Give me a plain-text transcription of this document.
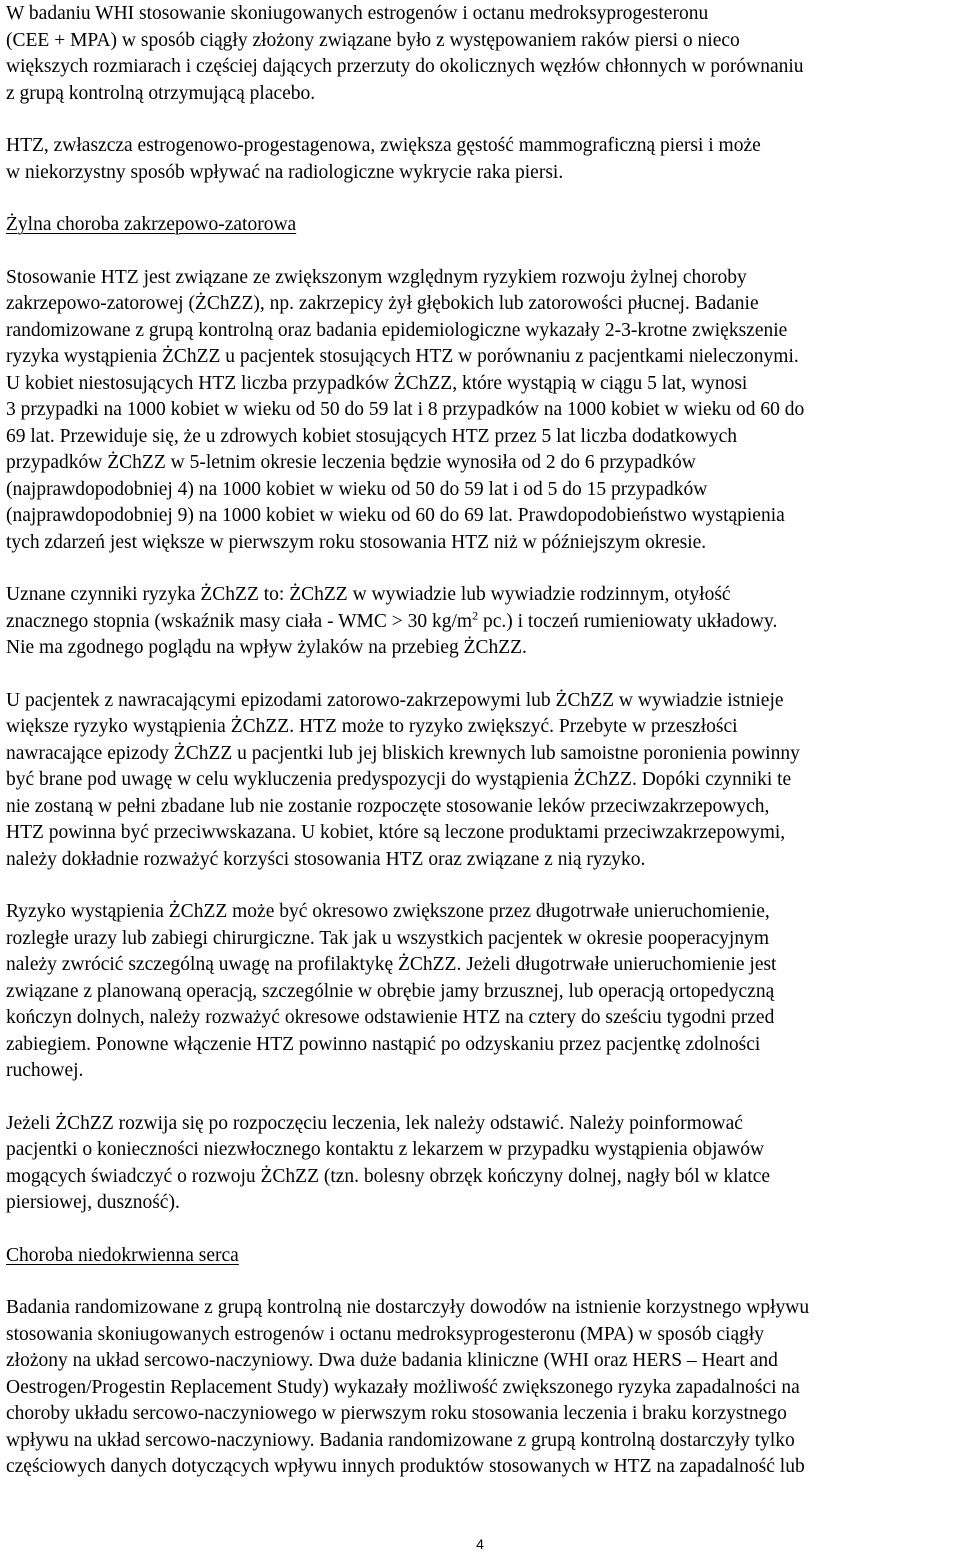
W badaniu WHI stosowanie skoniugowanych estrogenów i octanu medroksyprogesteronu
(CEE + MPA) w sposób ciągły złożony związane było z występowaniem raków piersi o nieco
większych rozmiarach i częściej dających przerzuty do okolicznych węzłów chłonnych w porównaniu
z grupą kontrolną otrzymującą placebo.
HTZ, zwłaszcza estrogenowo-progestagenowa, zwiększa gęstość mammograficzną piersi i może
w niekorzystny sposób wpływać na radiologiczne wykrycie raka piersi.
Żylna choroba zakrzepowo-zatorowa
Stosowanie HTZ jest związane ze zwiększonym względnym ryzykiem rozwoju żylnej choroby
zakrzepowo-zatorowej (ŻChZZ), np. zakrzepicy żył głębokich lub zatorowości płucnej. Badanie
randomizowane z grupą kontrolną oraz badania epidemiologiczne wykazały 2-3-krotne zwiększenie
ryzyka wystąpienia ŻChZZ u pacjentek stosujących HTZ w porównaniu z pacjentkami nieleczonymi.
U kobiet niestosujących HTZ liczba przypadków ŻChZZ, które wystąpią w ciągu 5 lat, wynosi
3 przypadki na 1000 kobiet w wieku od 50 do 59 lat i 8 przypadków na 1000 kobiet w wieku od 60 do
69 lat. Przewiduje się, że u zdrowych kobiet stosujących HTZ przez 5 lat liczba dodatkowych
przypadków ŻChZZ w 5-letnim okresie leczenia będzie wynosiła od 2 do 6 przypadków
(najprawdopodobniej 4) na 1000 kobiet w wieku od 50 do 59 lat i od 5 do 15 przypadków
(najprawdopodobniej 9) na 1000 kobiet w wieku od 60 do 69 lat. Prawdopodobieństwo wystąpienia
tych zdarzeń jest większe w pierwszym roku stosowania HTZ niż w późniejszym okresie.
Uznane czynniki ryzyka ŻChZZ to: ŻChZZ w wywiadzie lub wywiadzie rodzinnym, otyłość
znacznego stopnia (wskaźnik masy ciała - WMC > 30 $kg/m^2$ pc.) i toczeń rumieniowaty układowy.
Nie ma zgodnego poglądu na wpływ żylaków na przebieg ŻChZZ.
U pacjentek z nawracającymi epizodami zatorowo-zakrzepowymi lub ŻChZZ w wywiadzie istnieje
większe ryzyko wystąpienia ŻChZZ. HTZ może to ryzyko zwiększyć. Przebyte w przeszłości
nawracające epizody ŻChZZ u pacjentki lub jej bliskich krewnych lub samoistne poronienia powinny
być brane pod uwagę w celu wykluczenia predyspozycji do wystąpienia ŻChZZ. Dopóki czynniki te
nie zostaną w pełni zbadane lub nie zostanie rozpoczęte stosowanie leków przeciwzakrzepowych,
HTZ powinna być przeciwwskazana. U kobiet, które są leczone produktami przeciwzakrzepowymi,
należy dokładnie rozważyć korzyści stosowania HTZ oraz związane z nią ryzyko.
Ryzyko wystąpienia ŻChZZ może być okresowo zwiększone przez długotrwałe unieruchomienie,
rozległe urazy lub zabiegi chirurgiczne. Tak jak u wszystkich pacjentek w okresie pooperacyjnym
należy zwrócić szczególną uwagę na profilaktykę ŻChZZ. Jeżeli długotrwałe unieruchomienie jest
związane z planowaną operacją, szczególnie w obrębie jamy brzusznej, lub operacją ortopedyczną
kończyn dolnych, należy rozważyć okresowe odstawienie HTZ na cztery do sześciu tygodni przed
zabiegiem. Ponowne włączenie HTZ powinno nastąpić po odzyskaniu przez pacjentkę zdolności
ruchowej.
Jeżeli ŻChZZ rozwija się po rozpoczęciu leczenia, lek należy odstawić. Należy poinformować
pacjentki o konieczności niezwłocznego kontaktu z lekarzem w przypadku wystąpienia objawów
mogących świadczyć o rozwoju ŻChZZ (tzn. bolesny obrzęk kończyny dolnej, nagły ból w klatce
piersiowej, duszność).
Choroba niedokrwienna serca
Badania randomizowane z grupą kontrolną nie dostarczyły dowodów na istnienie korzystnego wpływu
stosowania skoniugowanych estrogenów i octanu medroksyprogesteronu (MPA) w sposób ciągły
złożony na układ sercowo-naczyniowy. Dwa duże badania kliniczne (WHI oraz HERS – Heart and
Oestrogen/Progestin Replacement Study) wykazały możliwość zwiększonego ryzyka zapadalności na
choroby układu sercowo-naczyniowego w pierwszym roku stosowania leczenia i braku korzystnego
wpływu na układ sercowo-naczyniowy. Badania randomizowane z grupą kontrolną dostarczyły tylko
częściowych danych dotyczących wpływu innych produktów stosowanych w HTZ na zapadalność lub
4
